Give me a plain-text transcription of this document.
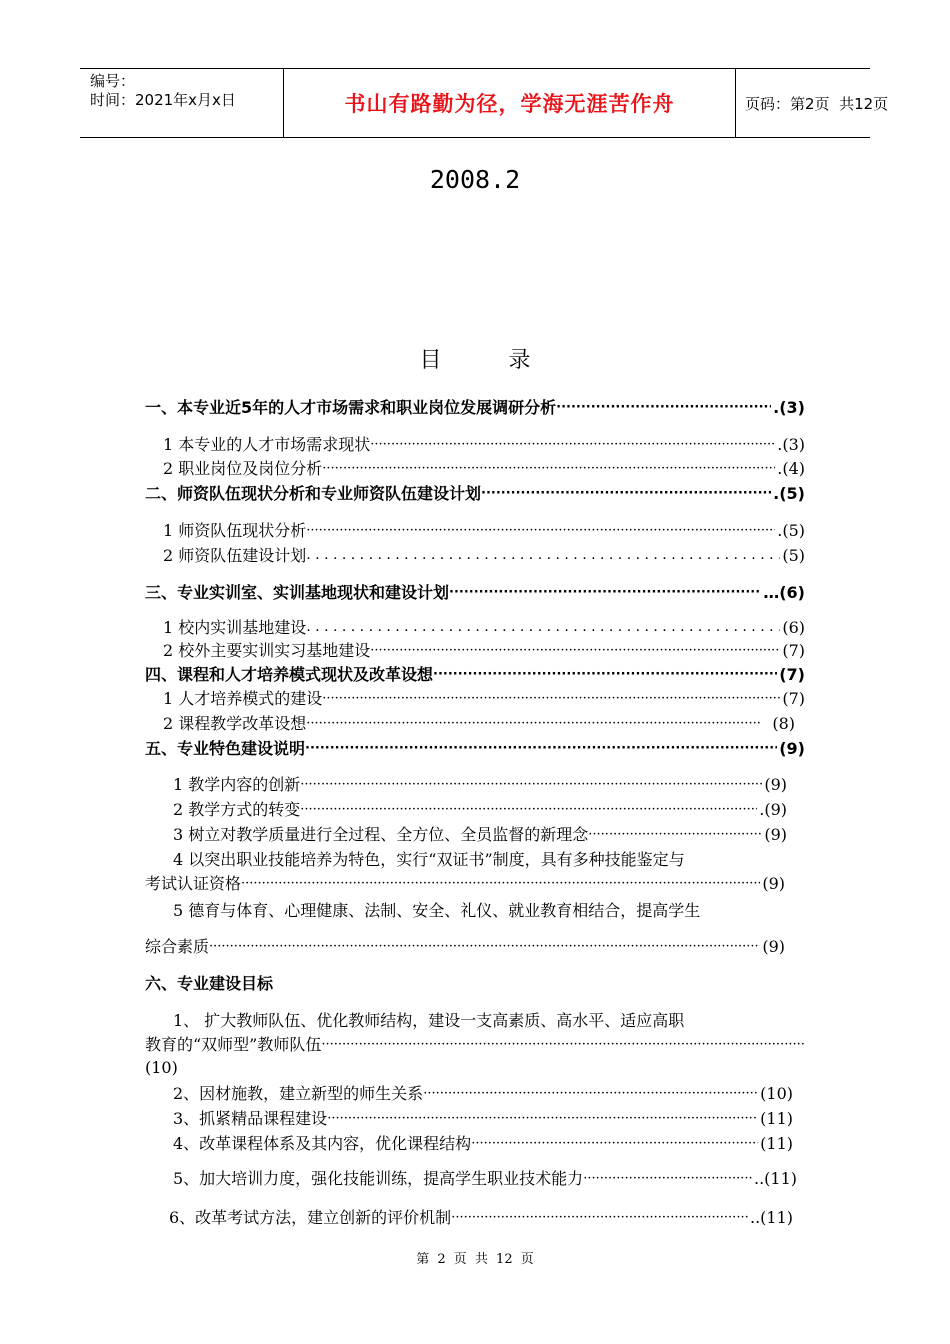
编号：
时间：2021年x月x日	书山有路勤为径，学海无涯苦作舟	页码：第2页  共12页
2008.2
目 录
一、本专业近5年的人才市场需求和职业岗位发展调研分析 ·····	.(3)
1 本专业的人才市场需求现状 ·····	.(3)
2 职业岗位及岗位分析 ·····	.(4)
二、师资队伍现状分析和专业师资队伍建设计划 ·····	.(5)
1 师资队伍现状分析 ·····	.(5)
2 师资队伍建设计划 . . .	(5)
三、专业实训室、实训基地现状和建设计划 ·····	…(6)
1 校内实训基地建设 . . .	(6)
2 校外主要实训实习基地建设 ·····	(7)
四、课程和人才培养模式现状及改革设想 ·····	(7)
1 人才培养模式的建设 ·····	(7)
2 课程教学改革设想 ·····	(8)
五、专业特色建设说明 ·····	(9)
1 教学内容的创新 ·····	(9)
2 教学方式的转变 ·····	.(9)
3 树立对教学质量进行全过程、全方位、全员监督的新理念 ·····	(9)
4 以突出职业技能培养为特色，实行“双证书”制度，具有多种技能鉴定与
考试认证资格 ·····	(9)
5 德育与体育、心理健康、法制、安全、礼仪、就业教育相结合，提高学生
综合素质 ·····	(9)
六、专业建设目标
1、 扩大教师队伍、优化教师结构，建设一支高素质、高水平、适应高职
教育的“双师型”教师队伍
·····
(10)
2、因材施教，建立新型的师生关系 ·····	(10)
3、抓紧精品课程建设 ·····	(11)
4、改革课程体系及其内容，优化课程结构 ·····	(11)
5、加大培训力度，强化技能训练，提高学生职业技术能力 ·····	..(11)
6、改革考试方法，建立创新的评价机制 ·····	..(11)
第 2 页 共 12 页
